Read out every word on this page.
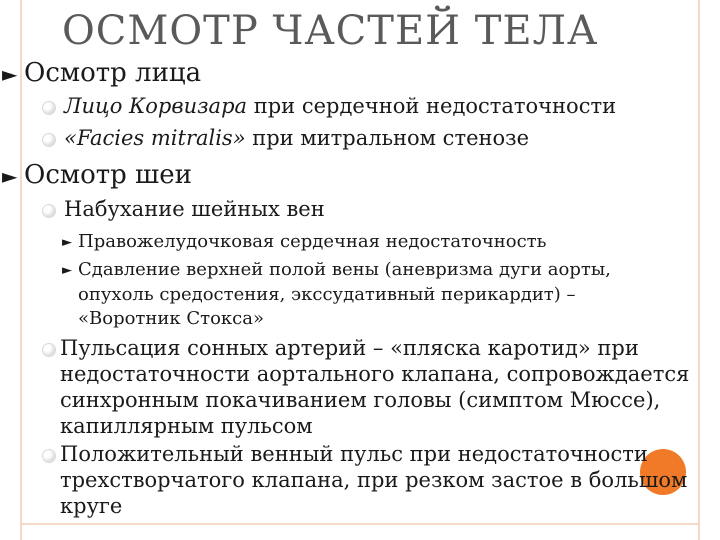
ОСМОТР ЧАСТЕЙ ТЕЛА
► Осмотр лица
Лицо Корвизара при сердечной недостаточности
«Facies mitralis» при митральном стенозе
► Осмотр шеи
Набухание шейных вен
► Правожелудочковая сердечная недостаточность
► Сдавление верхней полой вены (аневризма дуги аорты,
опухоль средостения, экссудативный перикардит) –
«Воротник Стокса»
Пульсация сонных артерий – «пляска каротид» при
недостаточности аортального клапана, сопровождается
синхронным покачиванием головы (симптом Мюссе),
капиллярным пульсом
Положительный венный пульс при недостаточности
трехстворчатого клапана, при резком застое в большом
круге
